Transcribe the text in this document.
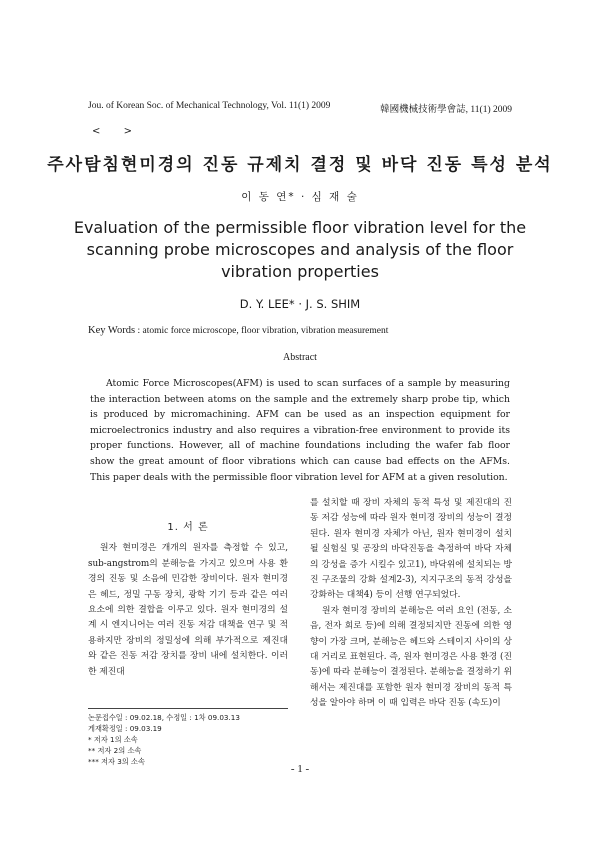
Jou. of Korean Soc. of Mechanical Technology, Vol. 11(1) 2009	韓國機械技術學會誌, 11(1) 2009
< >
주사탐침현미경의 진동 규제치 결정 및 바닥 진동 특성 분석
이 동 연* · 심 재 술
Evaluation of the permissible floor vibration level for the scanning probe microscopes and analysis of the floor vibration properties
D. Y. LEE* · J. S. SHIM
Key Words : atomic force microscope, floor vibration, vibration measurement
Abstract

Atomic Force Microscopes(AFM) is used to scan surfaces of a sample by measuring the interaction between atoms on the sample and the extremely sharp probe tip, which is produced by micromachining. AFM can be used as an inspection equipment for microelectronics industry and also requires a vibration-free environment to provide its proper functions. However, all of machine foundations including the wafer fab floor show the great amount of floor vibrations which can cause bad effects on the AFMs. This paper deals with the permissible floor vibration level for AFM at a given resolution.

1. 서 론

원자 현미경은 개개의 원자를 측정할 수 있고, sub-angstrom의 분해능을 가지고 있으며 사용 환경의 진동 및 소음에 민감한 장비이다. 원자 현미경은 헤드, 정밀 구동 장치, 광학 기기 등과 같은 여러 요소에 의한 결합을 이루고 있다. 원자 현미경의 설계 시 엔지니어는 여러 진동 저감 대책을 연구 및 적용하지만 장비의 정밀성에 의해 부가적으로 제진대와 같은 진동 저감 장치를 장비 내에 설치한다. 이러한 제진대

논문접수일 : 09.02.18, 수정일 : 1차 09.03.13
게재확정일 : 09.03.19
* 저자 1의 소속
** 저자 2의 소속
*** 저자 3의 소속

를 설치할 때 장비 자체의 동적 특성 및 제진대의 진동 저감 성능에 따라 원자 현미경 장비의 성능이 결정된다. 원자 현미경 자체가 아닌, 원자 현미경이 설치될 실험실 및 공장의 바닥진동을 측정하여 바닥 자체의 강성을 증가 시킬수 있고1), 바닥위에 설치되는 방진 구조물의 강화 설계2-3), 지지구조의 동적 강성을 강화하는 대책4) 등이 선행 연구되었다.

원자 현미경 장비의 분해능은 여러 요인 (전동, 소음, 전자 회로 등)에 의해 결정되지만 진동에 의한 영향이 가장 크며, 분해능은 헤드와 스테이지 사이의 상대 거리로 표현된다. 즉, 원자 현미경은 사용 환경 (진동)에 따라 분해능이 결정된다. 분해능을 결정하기 위해서는 제진대를 포함한 원자 현미경 장비의 동적 특성을 알아야 하며 이 때 입력은 바닥 진동 (속도)이

- 1 -
